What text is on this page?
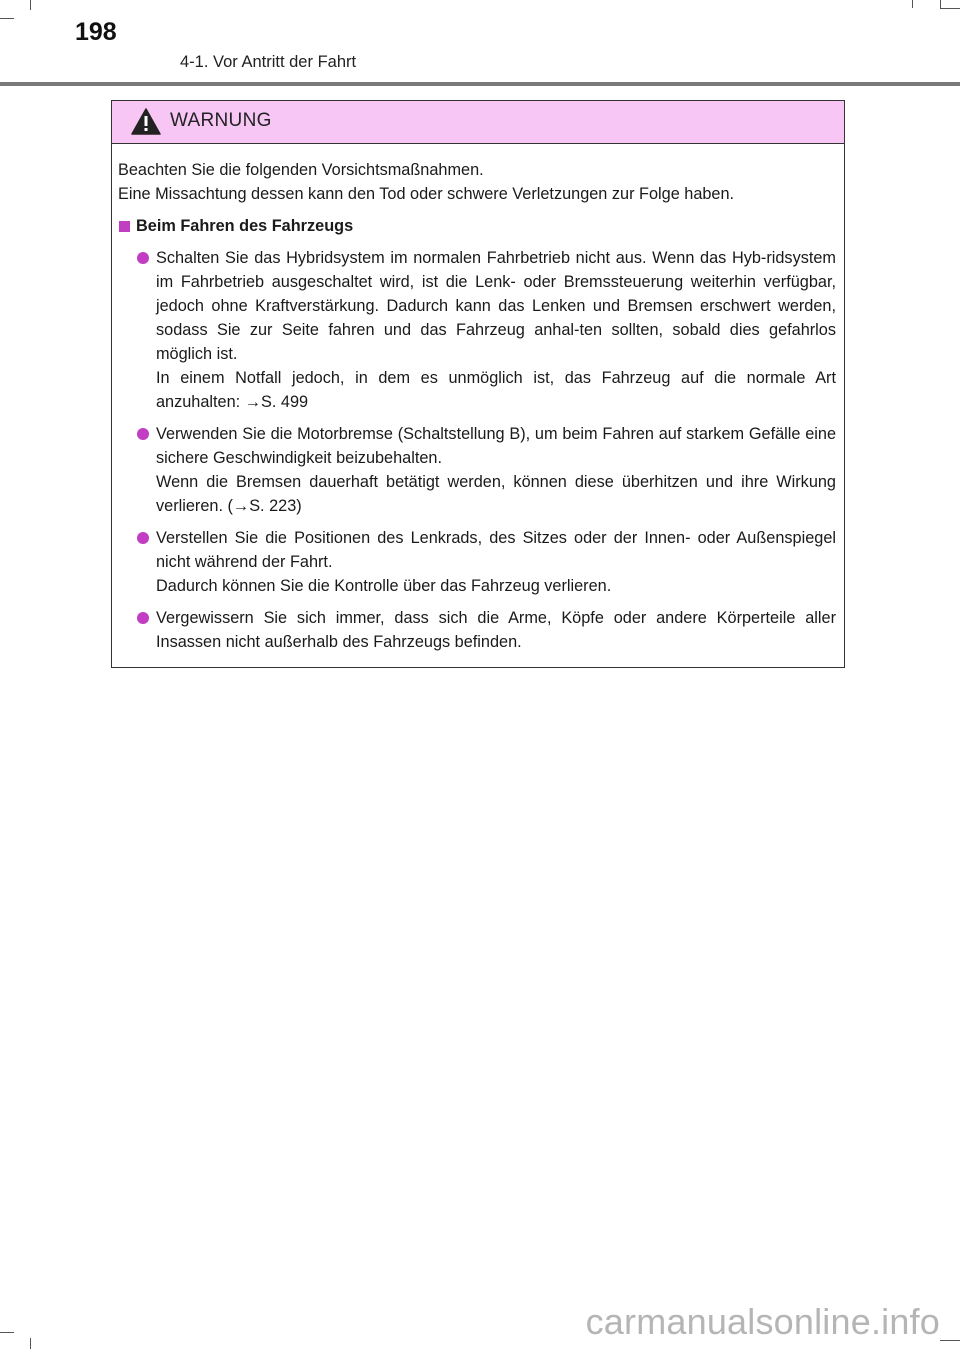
198
4-1. Vor Antritt der Fahrt
WARNUNG

Beachten Sie die folgenden Vorsichtsmaßnahmen.

Eine Missachtung dessen kann den Tod oder schwere Verletzungen zur Folge haben.

Beim Fahren des Fahrzeugs

Schalten Sie das Hybridsystem im normalen Fahrbetrieb nicht aus. Wenn das Hyb-ridsystem im Fahrbetrieb ausgeschaltet wird, ist die Lenk- oder Bremssteuerung weiterhin verfügbar, jedoch ohne Kraftverstärkung. Dadurch kann das Lenken und Bremsen erschwert werden, sodass Sie zur Seite fahren und das Fahrzeug anhal-ten sollten, sobald dies gefahrlos möglich ist.

In einem Notfall jedoch, in dem es unmöglich ist, das Fahrzeug auf die normale Art anzuhalten: →S. 499

Verwenden Sie die Motorbremse (Schaltstellung B), um beim Fahren auf starkem Gefälle eine sichere Geschwindigkeit beizubehalten.

Wenn die Bremsen dauerhaft betätigt werden, können diese überhitzen und ihre Wirkung verlieren. (→S. 223)

Verstellen Sie die Positionen des Lenkrads, des Sitzes oder der Innen- oder Außenspiegel nicht während der Fahrt.

Dadurch können Sie die Kontrolle über das Fahrzeug verlieren.

Vergewissern Sie sich immer, dass sich die Arme, Köpfe oder andere Körperteile aller Insassen nicht außerhalb des Fahrzeugs befinden.

carmanualsonline.info
